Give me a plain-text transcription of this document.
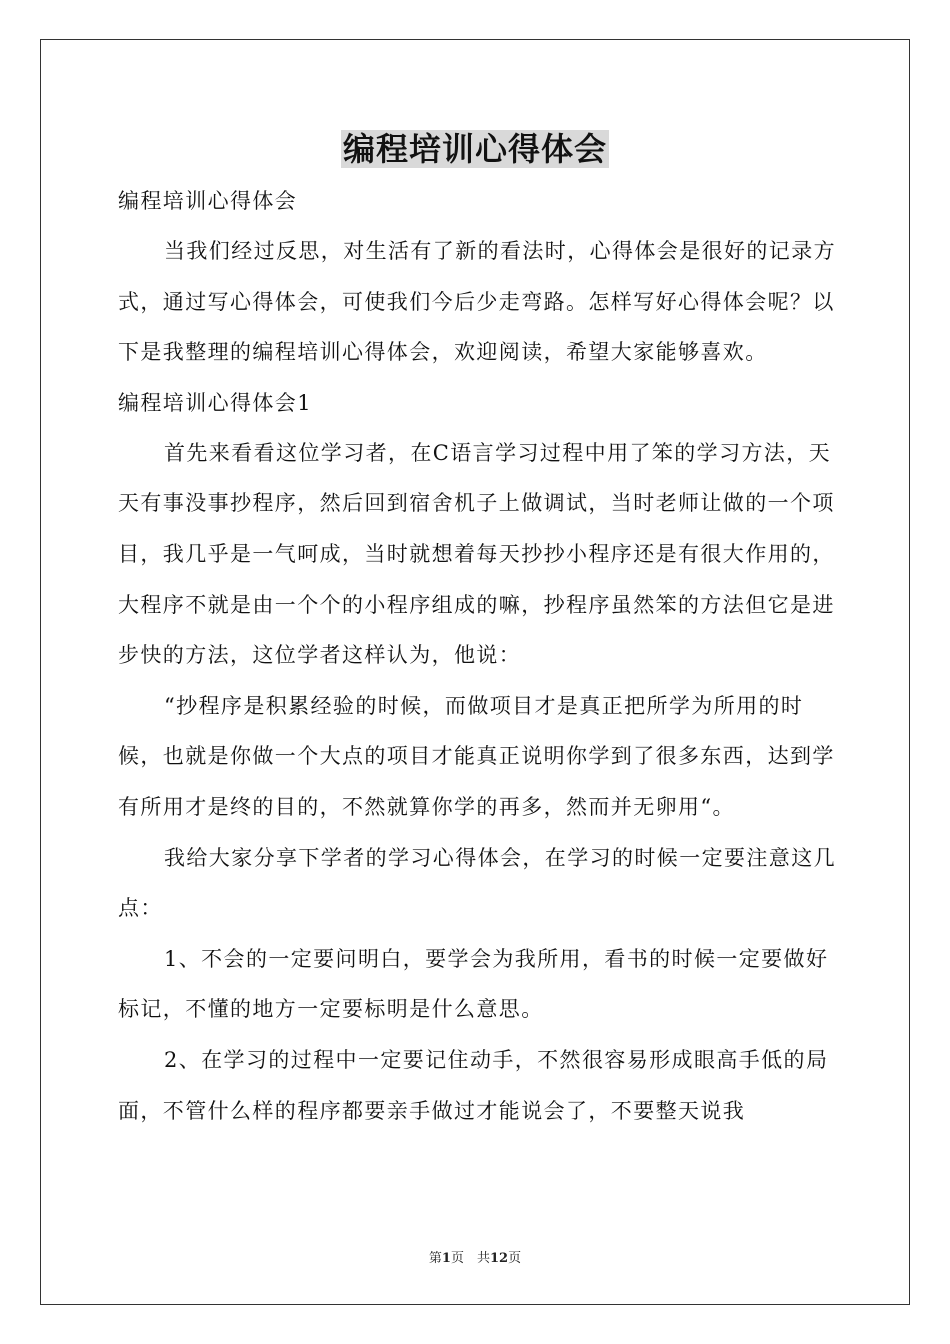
编程培训心得体会

编程培训心得体会

当我们经过反思，对生活有了新的看法时，心得体会是很好的记录方式，通过写心得体会，可使我们今后少走弯路。怎样写好心得体会呢？以下是我整理的编程培训心得体会，欢迎阅读，希望大家能够喜欢。

编程培训心得体会1

首先来看看这位学习者，在C语言学习过程中用了笨的学习方法，天天有事没事抄程序，然后回到宿舍机子上做调试，当时老师让做的一个项目，我几乎是一气呵成，当时就想着每天抄抄小程序还是有很大作用的，大程序不就是由一个个的小程序组成的嘛，抄程序虽然笨的方法但它是进步快的方法，这位学者这样认为，他说：

“抄程序是积累经验的时候，而做项目才是真正把所学为所用的时候，也就是你做一个大点的项目才能真正说明你学到了很多东西，达到学有所用才是终的目的，不然就算你学的再多，然而并无卵用“。

我给大家分享下学者的学习心得体会，在学习的时候一定要注意这几点：

1、不会的一定要问明白，要学会为我所用，看书的时候一定要做好标记，不懂的地方一定要标明是什么意思。

2、在学习的过程中一定要记住动手，不然很容易形成眼高手低的局面，不管什么样的程序都要亲手做过才能说会了，不要整天说我

第1页　共12页
